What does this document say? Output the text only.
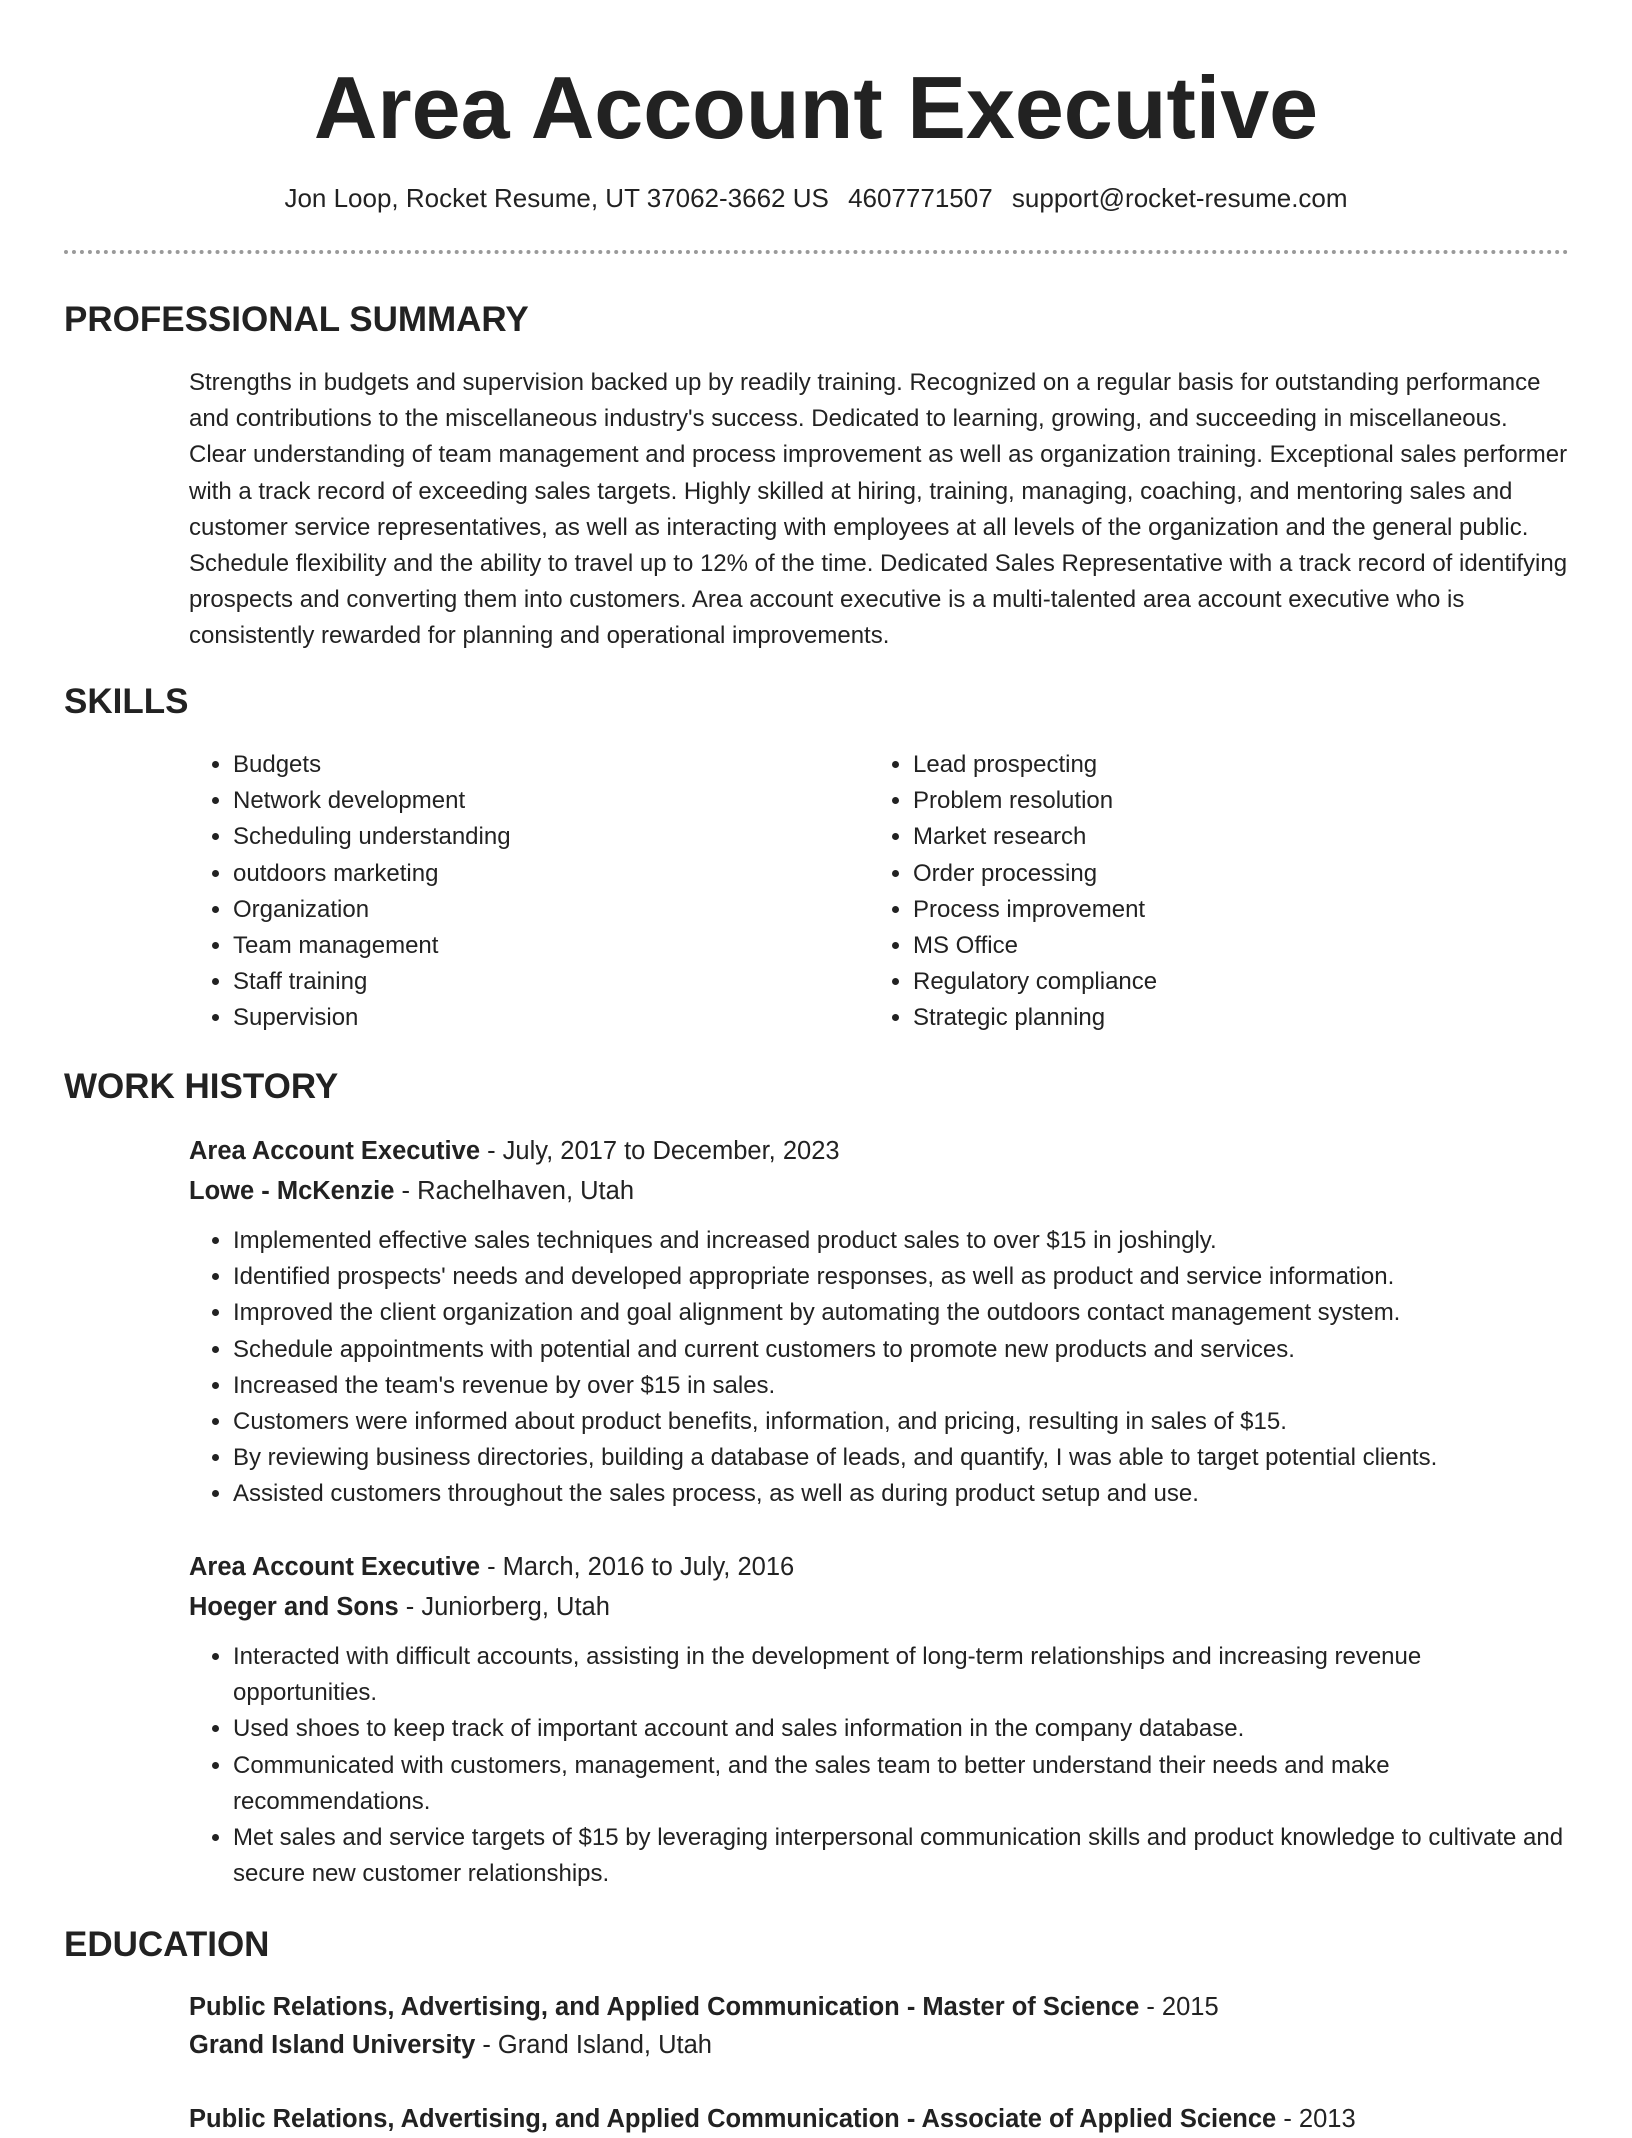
Area Account Executive
Jon Loop, Rocket Resume, UT 37062-3662 US 4607771507 support@rocket-resume.com
PROFESSIONAL SUMMARY

Strengths in budgets and supervision backed up by readily training. Recognized on a regular basis for outstanding performance and contributions to the miscellaneous industry's success. Dedicated to learning, growing, and succeeding in miscellaneous. Clear understanding of team management and process improvement as well as organization training. Exceptional sales performer with a track record of exceeding sales targets. Highly skilled at hiring, training, managing, coaching, and mentoring sales and customer service representatives, as well as interacting with employees at all levels of the organization and the general public. Schedule flexibility and the ability to travel up to 12% of the time. Dedicated Sales Representative with a track record of identifying prospects and converting them into customers. Area account executive is a multi-talented area account executive who is consistently rewarded for planning and operational improvements.

SKILLS
• Budgets
• Network development
• Scheduling understanding
• outdoors marketing
• Organization
• Team management
• Staff training
• Supervision
• Lead prospecting
• Problem resolution
• Market research
• Order processing
• Process improvement
• MS Office
• Regulatory compliance
• Strategic planning
WORK HISTORY

Area Account Executive - July, 2017 to December, 2023

Lowe - McKenzie - Rachelhaven, Utah

• Implemented effective sales techniques and increased product sales to over $15 in joshingly.
• Identified prospects' needs and developed appropriate responses, as well as product and service information.
• Improved the client organization and goal alignment by automating the outdoors contact management system.
• Schedule appointments with potential and current customers to promote new products and services.
• Increased the team's revenue by over $15 in sales.
• Customers were informed about product benefits, information, and pricing, resulting in sales of $15.
• By reviewing business directories, building a database of leads, and quantify, I was able to target potential clients.
• Assisted customers throughout the sales process, as well as during product setup and use.

Area Account Executive - March, 2016 to July, 2016

Hoeger and Sons - Juniorberg, Utah

• Interacted with difficult accounts, assisting in the development of long-term relationships and increasing revenue opportunities.
• Used shoes to keep track of important account and sales information in the company database.
• Communicated with customers, management, and the sales team to better understand their needs and make recommendations.
• Met sales and service targets of $15 by leveraging interpersonal communication skills and product knowledge to cultivate and secure new customer relationships.
EDUCATION

Public Relations, Advertising, and Applied Communication - Master of Science - 2015

Grand Island University - Grand Island, Utah

Public Relations, Advertising, and Applied Communication - Associate of Applied Science - 2013
